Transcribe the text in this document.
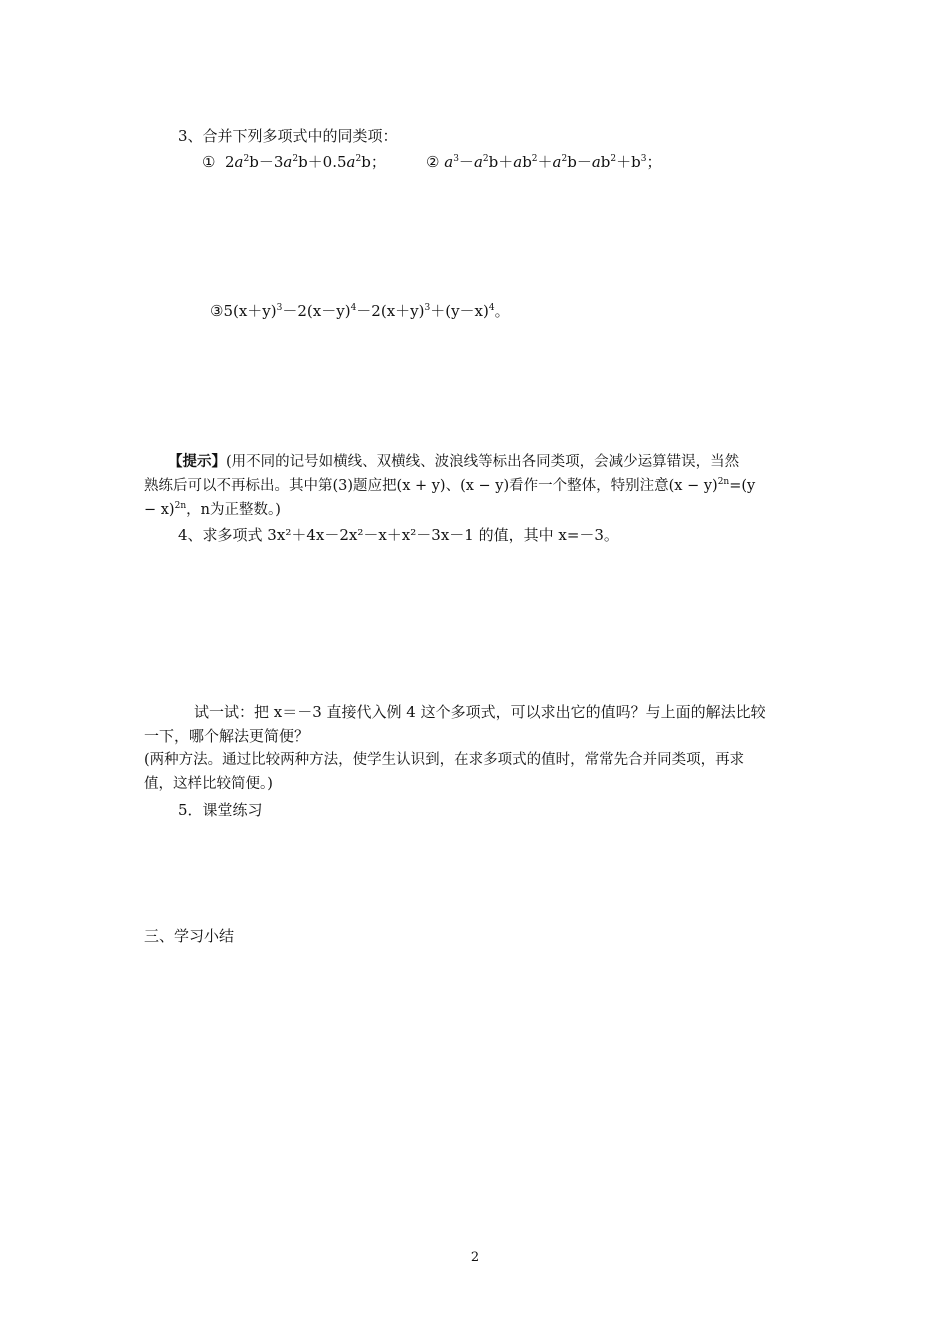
3、合并下列多项式中的同类项：
①  $2a^2b-3a^2b+0.5a^2b$；	② $a^3-a^2b+ab^2+a^2b-ab^2+b^3$；
$③5(x+y)^3-2(x-y)^4-2(x+y)^3+(y-x)^4$。
【提示】(用不同的记号如横线、双横线、波浪线等标出各同类项，会减少运算错误，当然
熟练后可以不再标出。其中第(3)题应把(x + y)、(x − y)看作一个整体，特别注意$(x - y)^{2n}=(y$
− x)$^{2n}$，n为正整数。)
4、求多项式 3x²＋4x－2x²－x＋x²－3x－1 的值，其中 x=－3。
试一试：把 x＝－3 直接代入例 4 这个多项式，可以求出它的值吗？与上面的解法比较
一下，哪个解法更简便？
(两种方法。通过比较两种方法，使学生认识到，在求多项式的值时，常常先合并同类项，再求
值，这样比较简便。)
5．课堂练习
三、学习小结
2
